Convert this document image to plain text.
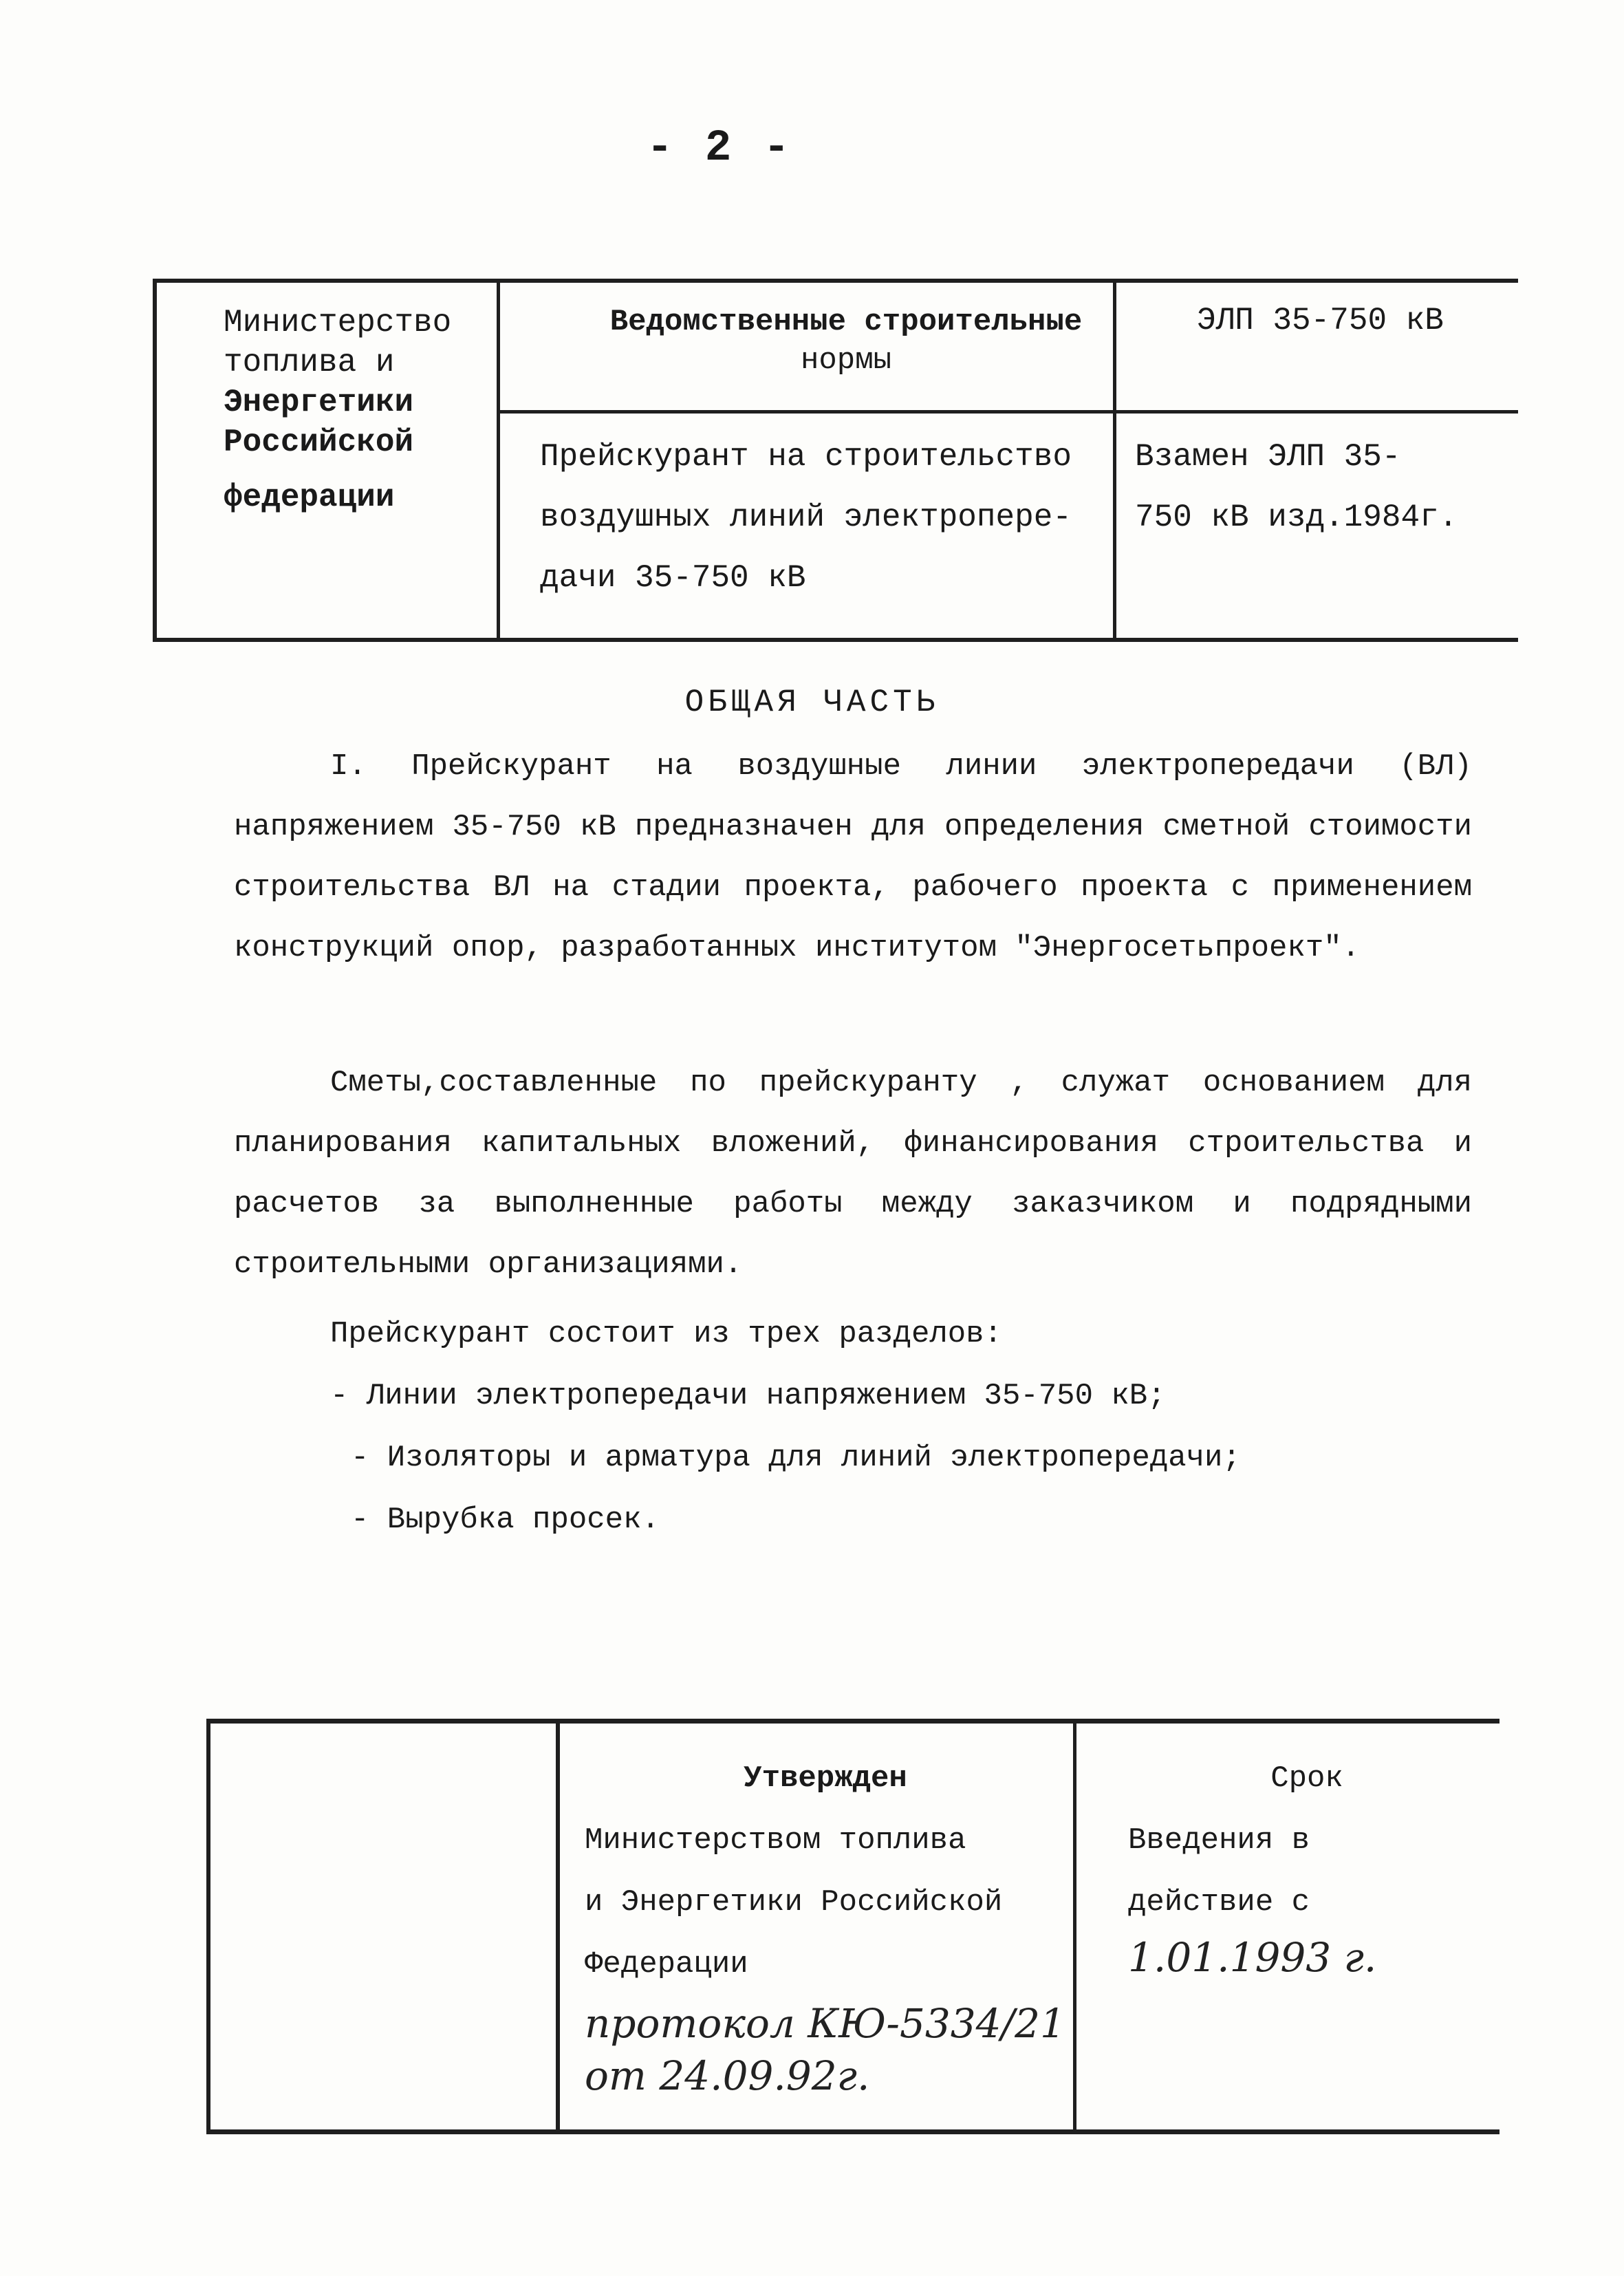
- 2 -
Министерство
топлива и
Энергетики
Российской
федерации
Ведомственные строительные
нормы
ЭЛП 35-750 кВ
Прейскурант на строительство
воздушных линий электропере-
дачи 35-750 кВ
Взамен ЭЛП 35-
750 кВ изд.1984г.
ОБЩАЯ ЧАСТЬ
I. Прейскурант на воздушные линии электропередачи (ВЛ) напряжением 35-750 кВ предназначен для определения сметной стоимости строительства ВЛ на стадии проекта, рабочего проекта с применением конструкций опор, разработанных институтом "Энергосетьпроект".
Сметы,составленные по прейскуранту , служат основанием для планирования капитальных вложений, финансирования строительства и расчетов за выполненные работы между заказчиком и подрядными строительными организациями.
Прейскурант состоит из трех разделов:
- Линии электропередачи напряжением 35-750 кВ;
- Изоляторы и арматура для линий электропередачи;
- Вырубка просек.
Утвержден
Министерством топлива
и Энергетики Российской
Федерации
протокол КЮ-5334/21
от 24.09.92г.
Срок
Введения в
действие с
1.01.1993 г.
